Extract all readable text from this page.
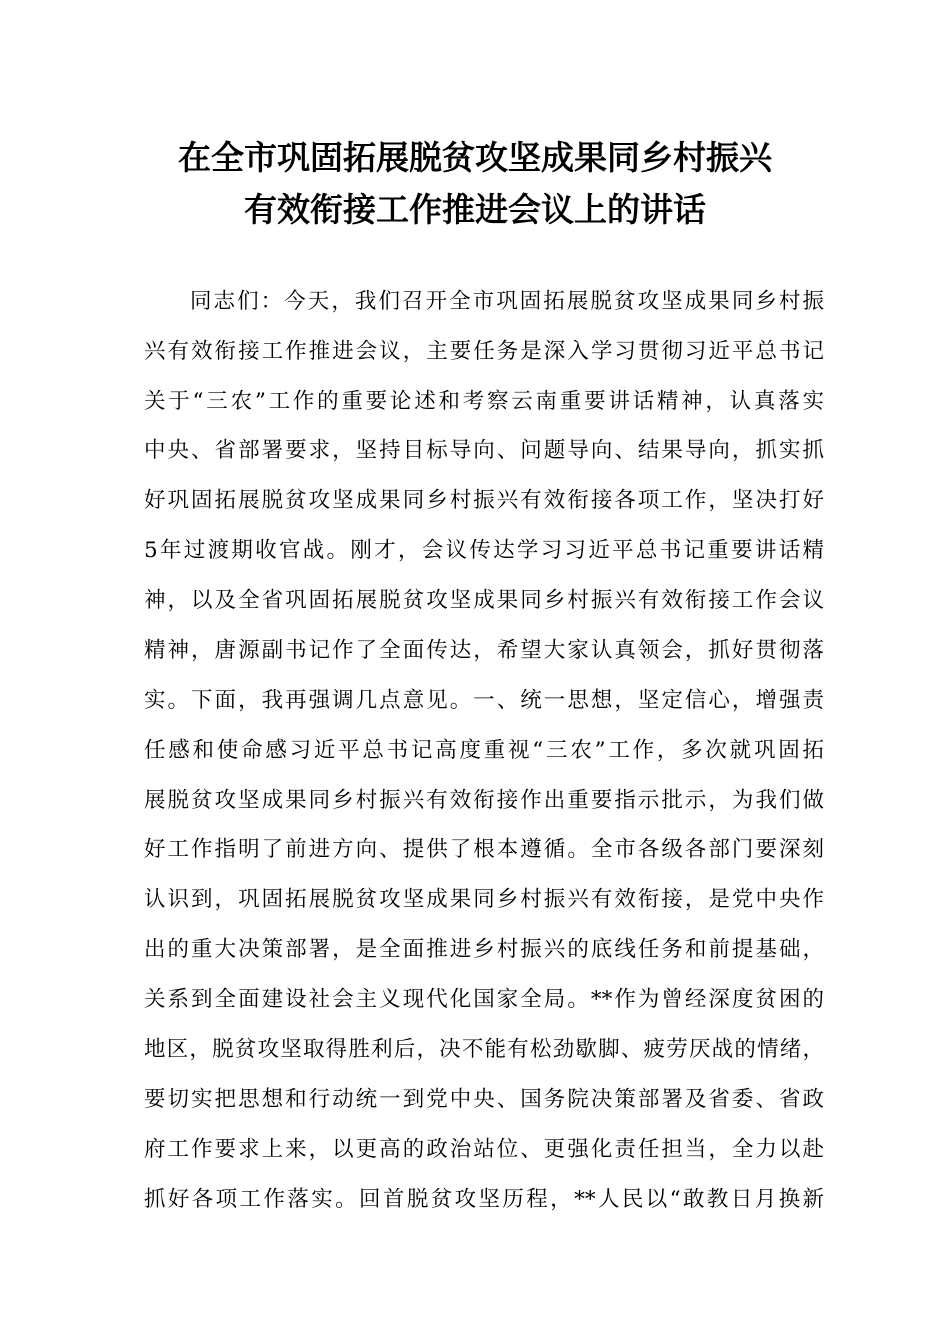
在全市巩固拓展脱贫攻坚成果同乡村振兴
有效衔接工作推进会议上的讲话
同志们：今天，我们召开全市巩固拓展脱贫攻坚成果同乡村振
兴有效衔接工作推进会议，主要任务是深入学习贯彻习近平总书记
关于“三农”工作的重要论述和考察云南重要讲话精神，认真落实
中央、省部署要求，坚持目标导向、问题导向、结果导向，抓实抓
好巩固拓展脱贫攻坚成果同乡村振兴有效衔接各项工作，坚决打好
5年过渡期收官战。刚才，会议传达学习习近平总书记重要讲话精
神，以及全省巩固拓展脱贫攻坚成果同乡村振兴有效衔接工作会议
精神，唐源副书记作了全面传达，希望大家认真领会，抓好贯彻落
实。下面，我再强调几点意见。一、统一思想，坚定信心，增强责
任感和使命感习近平总书记高度重视“三农”工作，多次就巩固拓
展脱贫攻坚成果同乡村振兴有效衔接作出重要指示批示，为我们做
好工作指明了前进方向、提供了根本遵循。全市各级各部门要深刻
认识到，巩固拓展脱贫攻坚成果同乡村振兴有效衔接，是党中央作
出的重大决策部署，是全面推进乡村振兴的底线任务和前提基础，
关系到全面建设社会主义现代化国家全局。**作为曾经深度贫困的
地区，脱贫攻坚取得胜利后，决不能有松劲歇脚、疲劳厌战的情绪，
要切实把思想和行动统一到党中央、国务院决策部署及省委、省政
府工作要求上来，以更高的政治站位、更强化责任担当，全力以赴
抓好各项工作落实。回首脱贫攻坚历程，**人民以“敢教日月换新
